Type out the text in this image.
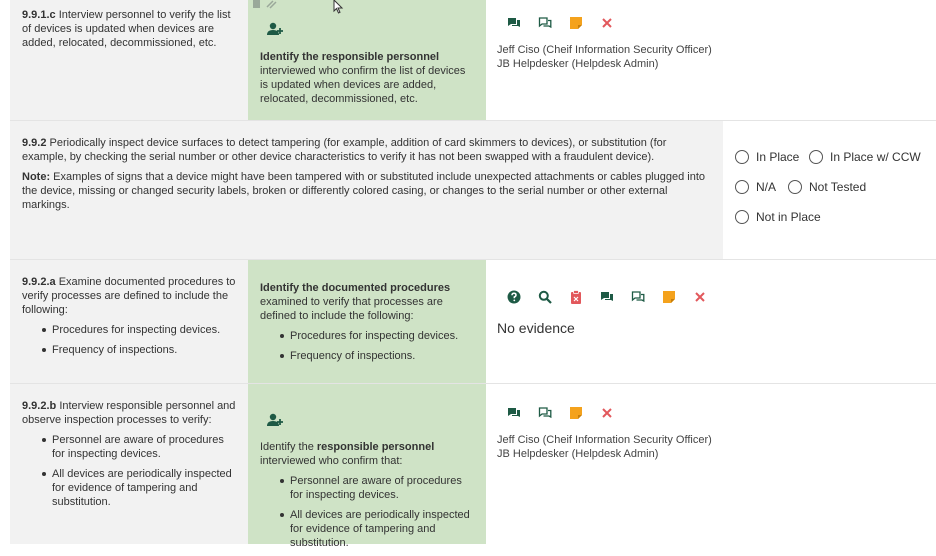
9.9.1.c Interview personnel to verify the list of devices is updated when devices are added, relocated, decommissioned, etc.
Identify the responsible personnel
interviewed who confirm the list of devices is updated when devices are added, relocated, decommissioned, etc.
Jeff Ciso (Cheif Information Security Officer)
JB Helpdesker (Helpdesk Admin)
9.9.2 Periodically inspect device surfaces to detect tampering (for example, addition of card skimmers to devices), or substitution (for example, by checking the serial number or other device characteristics to verify it has not been swapped with a fraudulent device).
Note: Examples of signs that a device might have been tampered with or substituted include unexpected attachments or cables plugged into the device, missing or changed security labels, broken or differently colored casing, or changes to the serial number or other external markings.
In Place	In Place w/ CCW
N/A	Not Tested
Not in Place
9.9.2.a Examine documented procedures to verify processes are defined to include the following:
Procedures for inspecting devices.
Frequency of inspections.
Identify the documented procedures
examined to verify that processes are defined to include the following:
Procedures for inspecting devices.
Frequency of inspections.
No evidence
9.9.2.b Interview responsible personnel and observe inspection processes to verify:
Personnel are aware of procedures for inspecting devices.
All devices are periodically inspected for evidence of tampering and substitution.
Identify the responsible personnel
interviewed who confirm that:
Personnel are aware of procedures for inspecting devices.
All devices are periodically inspected for evidence of tampering and substitution.
Jeff Ciso (Cheif Information Security Officer)
JB Helpdesker (Helpdesk Admin)
